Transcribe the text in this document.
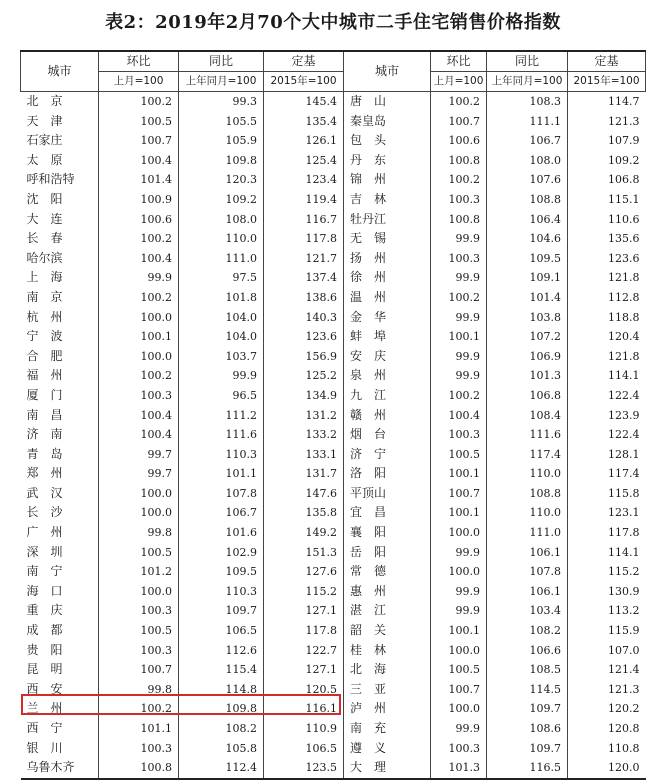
表2：2019年2月70个大中城市二手住宅销售价格指数
城市	环比	同比	定基	城市	环比	同比	定基
	上月=100	上年同月=100	2015年=100		上月=100	上年同月=100	2015年=100
北　京	100.2	99.3	145.4	唐　山	100.2	108.3	114.7
天　津	100.5	105.5	135.4	秦皇岛	100.7	111.1	121.3
石家庄	100.7	105.9	126.1	包　头	100.6	106.7	107.9
太　原	100.4	109.8	125.4	丹　东	100.8	108.0	109.2
呼和浩特	101.4	120.3	123.4	锦　州	100.2	107.6	106.8
沈　阳	100.9	109.2	119.4	吉　林	100.3	108.8	115.1
大　连	100.6	108.0	116.7	牡丹江	100.8	106.4	110.6
长　春	100.2	110.0	117.8	无　锡	99.9	104.6	135.6
哈尔滨	100.4	111.0	121.7	扬　州	100.3	109.5	123.6
上　海	99.9	97.5	137.4	徐　州	99.9	109.1	121.8
南　京	100.2	101.8	138.6	温　州	100.2	101.4	112.8
杭　州	100.0	104.0	140.3	金　华	99.9	103.8	118.8
宁　波	100.1	104.0	123.6	蚌　埠	100.1	107.2	120.4
合　肥	100.0	103.7	156.9	安　庆	99.9	106.9	121.8
福　州	100.2	99.9	125.2	泉　州	99.9	101.3	114.1
厦　门	100.3	96.5	134.9	九　江	100.2	106.8	122.4
南　昌	100.4	111.2	131.2	赣　州	100.4	108.4	123.9
济　南	100.4	111.6	133.2	烟　台	100.3	111.6	122.4
青　岛	99.7	110.3	133.1	济　宁	100.5	117.4	128.1
郑　州	99.7	101.1	131.7	洛　阳	100.1	110.0	117.4
武　汉	100.0	107.8	147.6	平顶山	100.7	108.8	115.8
长　沙	100.0	106.7	135.8	宜　昌	100.1	110.0	123.1
广　州	99.8	101.6	149.2	襄　阳	100.0	111.0	117.8
深　圳	100.5	102.9	151.3	岳　阳	99.9	106.1	114.1
南　宁	101.2	109.5	127.6	常　德	100.0	107.8	115.2
海　口	100.0	110.3	115.2	惠　州	99.9	106.1	130.9
重　庆	100.3	109.7	127.1	湛　江	99.9	103.4	113.2
成　都	100.5	106.5	117.8	韶　关	100.1	108.2	115.9
贵　阳	100.3	112.6	122.7	桂　林	100.0	106.6	107.0
昆　明	100.7	115.4	127.1	北　海	100.5	108.5	121.4
西　安	99.8	114.8	120.5	三　亚	100.7	114.5	121.3
兰　州	100.2	109.8	116.1	泸　州	100.0	109.7	120.2
西　宁	101.1	108.2	110.9	南　充	99.9	108.6	120.8
银　川	100.3	105.8	106.5	遵　义	100.3	109.7	110.8
乌鲁木齐	100.8	112.4	123.5	大　理	101.3	116.5	120.0
